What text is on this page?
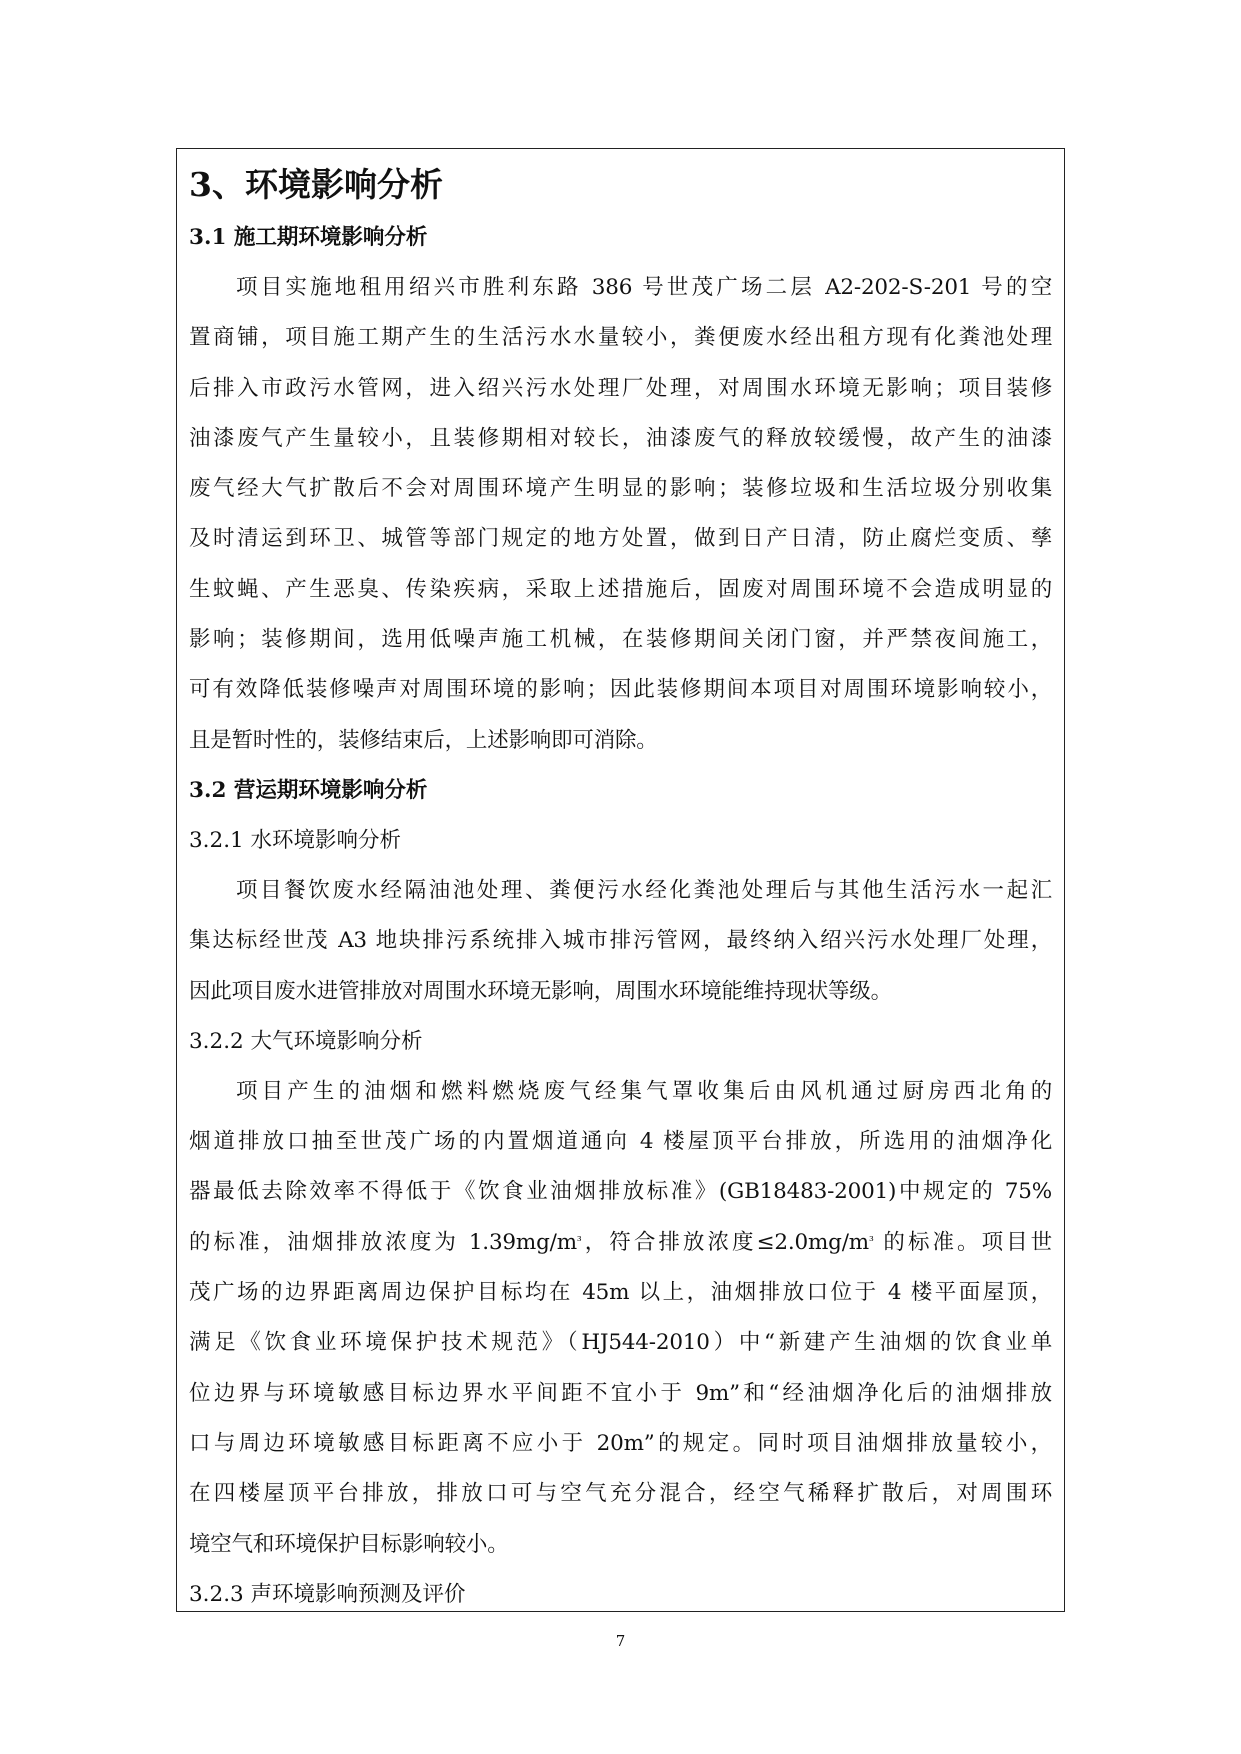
3、环境影响分析
3.1 施工期环境影响分析
项目实施地租用绍兴市胜利东路 386 号世茂广场二层 A2-202-S-201 号的空
置商铺，项目施工期产生的生活污水水量较小，粪便废水经出租方现有化粪池处理
后排入市政污水管网，进入绍兴污水处理厂处理，对周围水环境无影响；项目装修
油漆废气产生量较小，且装修期相对较长，油漆废气的释放较缓慢，故产生的油漆
废气经大气扩散后不会对周围环境产生明显的影响；装修垃圾和生活垃圾分别收集
及时清运到环卫、城管等部门规定的地方处置，做到日产日清，防止腐烂变质、孳
生蚊蝇、产生恶臭、传染疾病，采取上述措施后，固废对周围环境不会造成明显的
影响；装修期间，选用低噪声施工机械，在装修期间关闭门窗，并严禁夜间施工，
可有效降低装修噪声对周围环境的影响；因此装修期间本项目对周围环境影响较小，
且是暂时性的，装修结束后，上述影响即可消除。
3.2 营运期环境影响分析
3.2.1 水环境影响分析
项目餐饮废水经隔油池处理、粪便污水经化粪池处理后与其他生活污水一起汇
集达标经世茂 A3 地块排污系统排入城市排污管网，最终纳入绍兴污水处理厂处理，
因此项目废水进管排放对周围水环境无影响，周围水环境能维持现状等级。
3.2.2 大气环境影响分析
项目产生的油烟和燃料燃烧废气经集气罩收集后由风机通过厨房西北角的
烟道排放口抽至世茂广场的内置烟道通向 4 楼屋顶平台排放，所选用的油烟净化
器最低去除效率不得低于《饮食业油烟排放标准》(GB18483-2001)中规定的 75%
的标准，油烟排放浓度为 $1.39mg/m^{^3}$，符合排放浓度$\le 2.0mg/m^{^3}$ 的标准。项目世
茂广场的边界距离周边保护目标均在 45m 以上，油烟排放口位于 4 楼平面屋顶，
满足《饮食业环境保护技术规范》（HJ544-2010）中“新建产生油烟的饮食业单
位边界与环境敏感目标边界水平间距不宜小于 9m”和“经油烟净化后的油烟排放
口与周边环境敏感目标距离不应小于 20m”的规定。同时项目油烟排放量较小，
在四楼屋顶平台排放，排放口可与空气充分混合，经空气稀释扩散后，对周围环
境空气和环境保护目标影响较小。
3.2.3 声环境影响预测及评价
7
